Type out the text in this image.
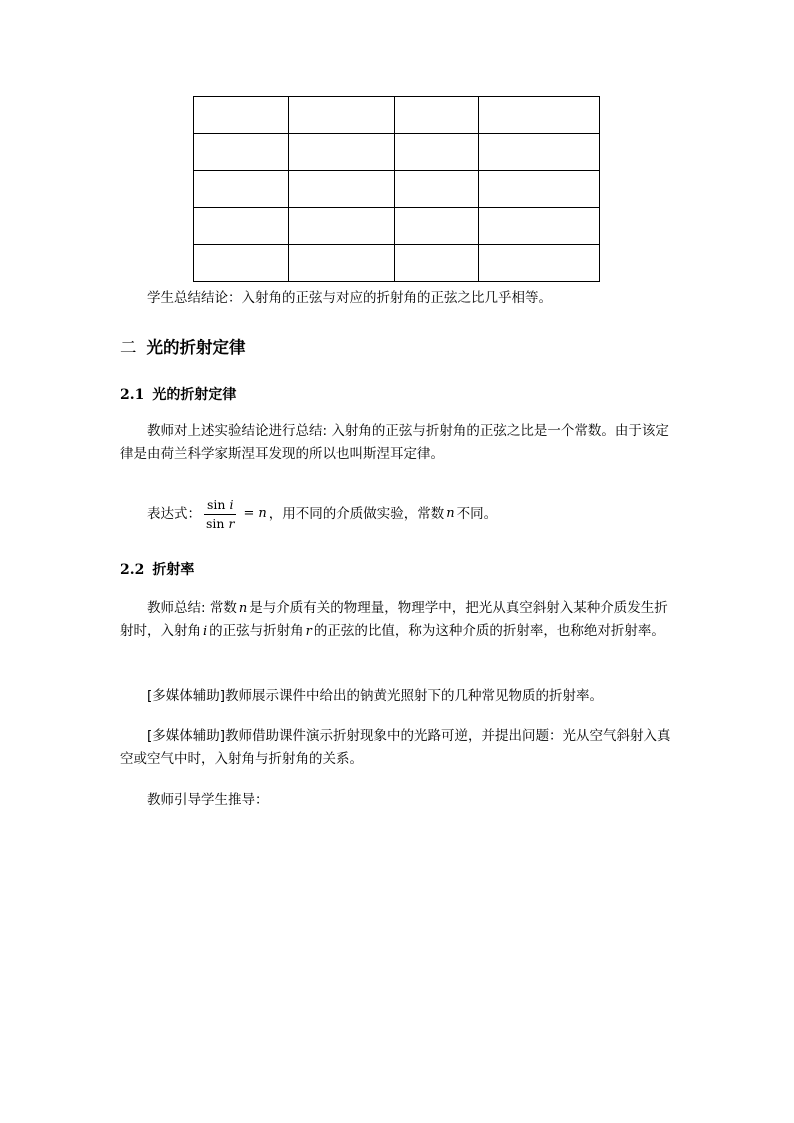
学生总结结论：入射角的正弦与对应的折射角的正弦之比几乎相等。

二 光的折射定律
2.1 光的折射定律

教师对上述实验结论进行总结: 入射角的正弦与折射角的正弦之比是一个常数。由于该定律是由荷兰科学家斯涅耳发现的所以也叫斯涅耳定律。

表达式： $\frac{\text{sin i}}{\text{sin r}} = n$ ，用不同的介质做实验，常数 n 不同。
2.2 折射率

教师总结: 常数 n 是与介质有关的物理量，物理学中，把光从真空斜射入某种介质发生折射时，入射角 i 的正弦与折射角 r 的正弦的比值，称为这种介质的折射率，也称绝对折射率。

[多媒体辅助]教师展示课件中给出的钠黄光照射下的几种常见物质的折射率。

[多媒体辅助]教师借助课件演示折射现象中的光路可逆，并提出问题：光从空气斜射入真空或空气中时，入射角与折射角的关系。

教师引导学生推导：
